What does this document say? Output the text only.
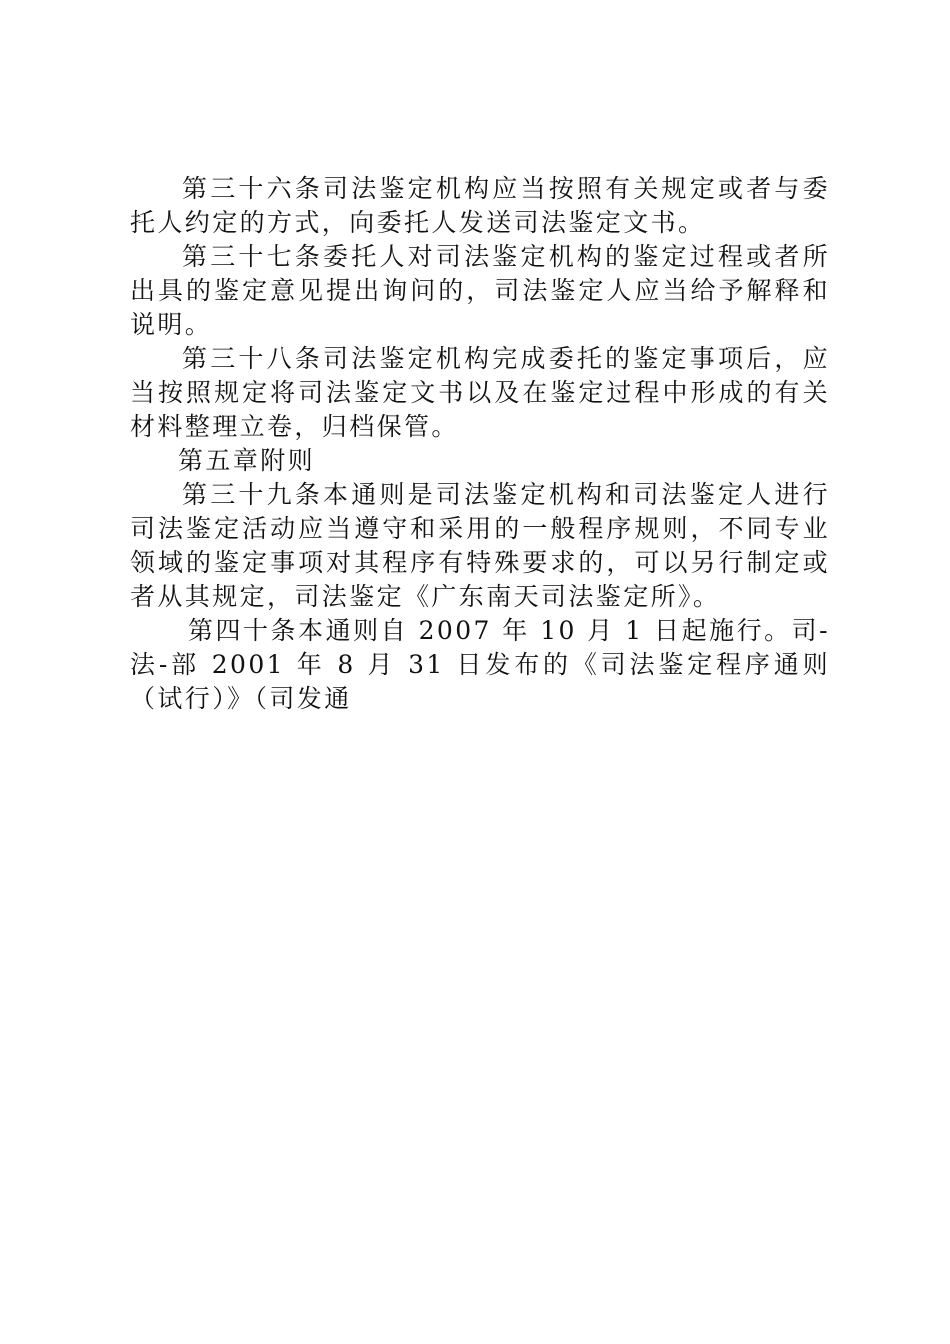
第三十六条司法鉴定机构应当按照有关规定或者与委托人约定的方式，向委托人发送司法鉴定文书。

第三十七条委托人对司法鉴定机构的鉴定过程或者所出具的鉴定意见提出询问的，司法鉴定人应当给予解释和说明。

第三十八条司法鉴定机构完成委托的鉴定事项后，应当按照规定将司法鉴定文书以及在鉴定过程中形成的有关材料整理立卷，归档保管。

第五章附则

第三十九条本通则是司法鉴定机构和司法鉴定人进行司法鉴定活动应当遵守和采用的一般程序规则，不同专业领域的鉴定事项对其程序有特殊要求的，可以另行制定或者从其规定，司法鉴定《广东南天司法鉴定所》。

第四十条本通则自 2007 年 10 月 1 日起施行。司-法-部 2001 年 8 月 31 日发布的《司法鉴定程序通则（试行）》（司发通
